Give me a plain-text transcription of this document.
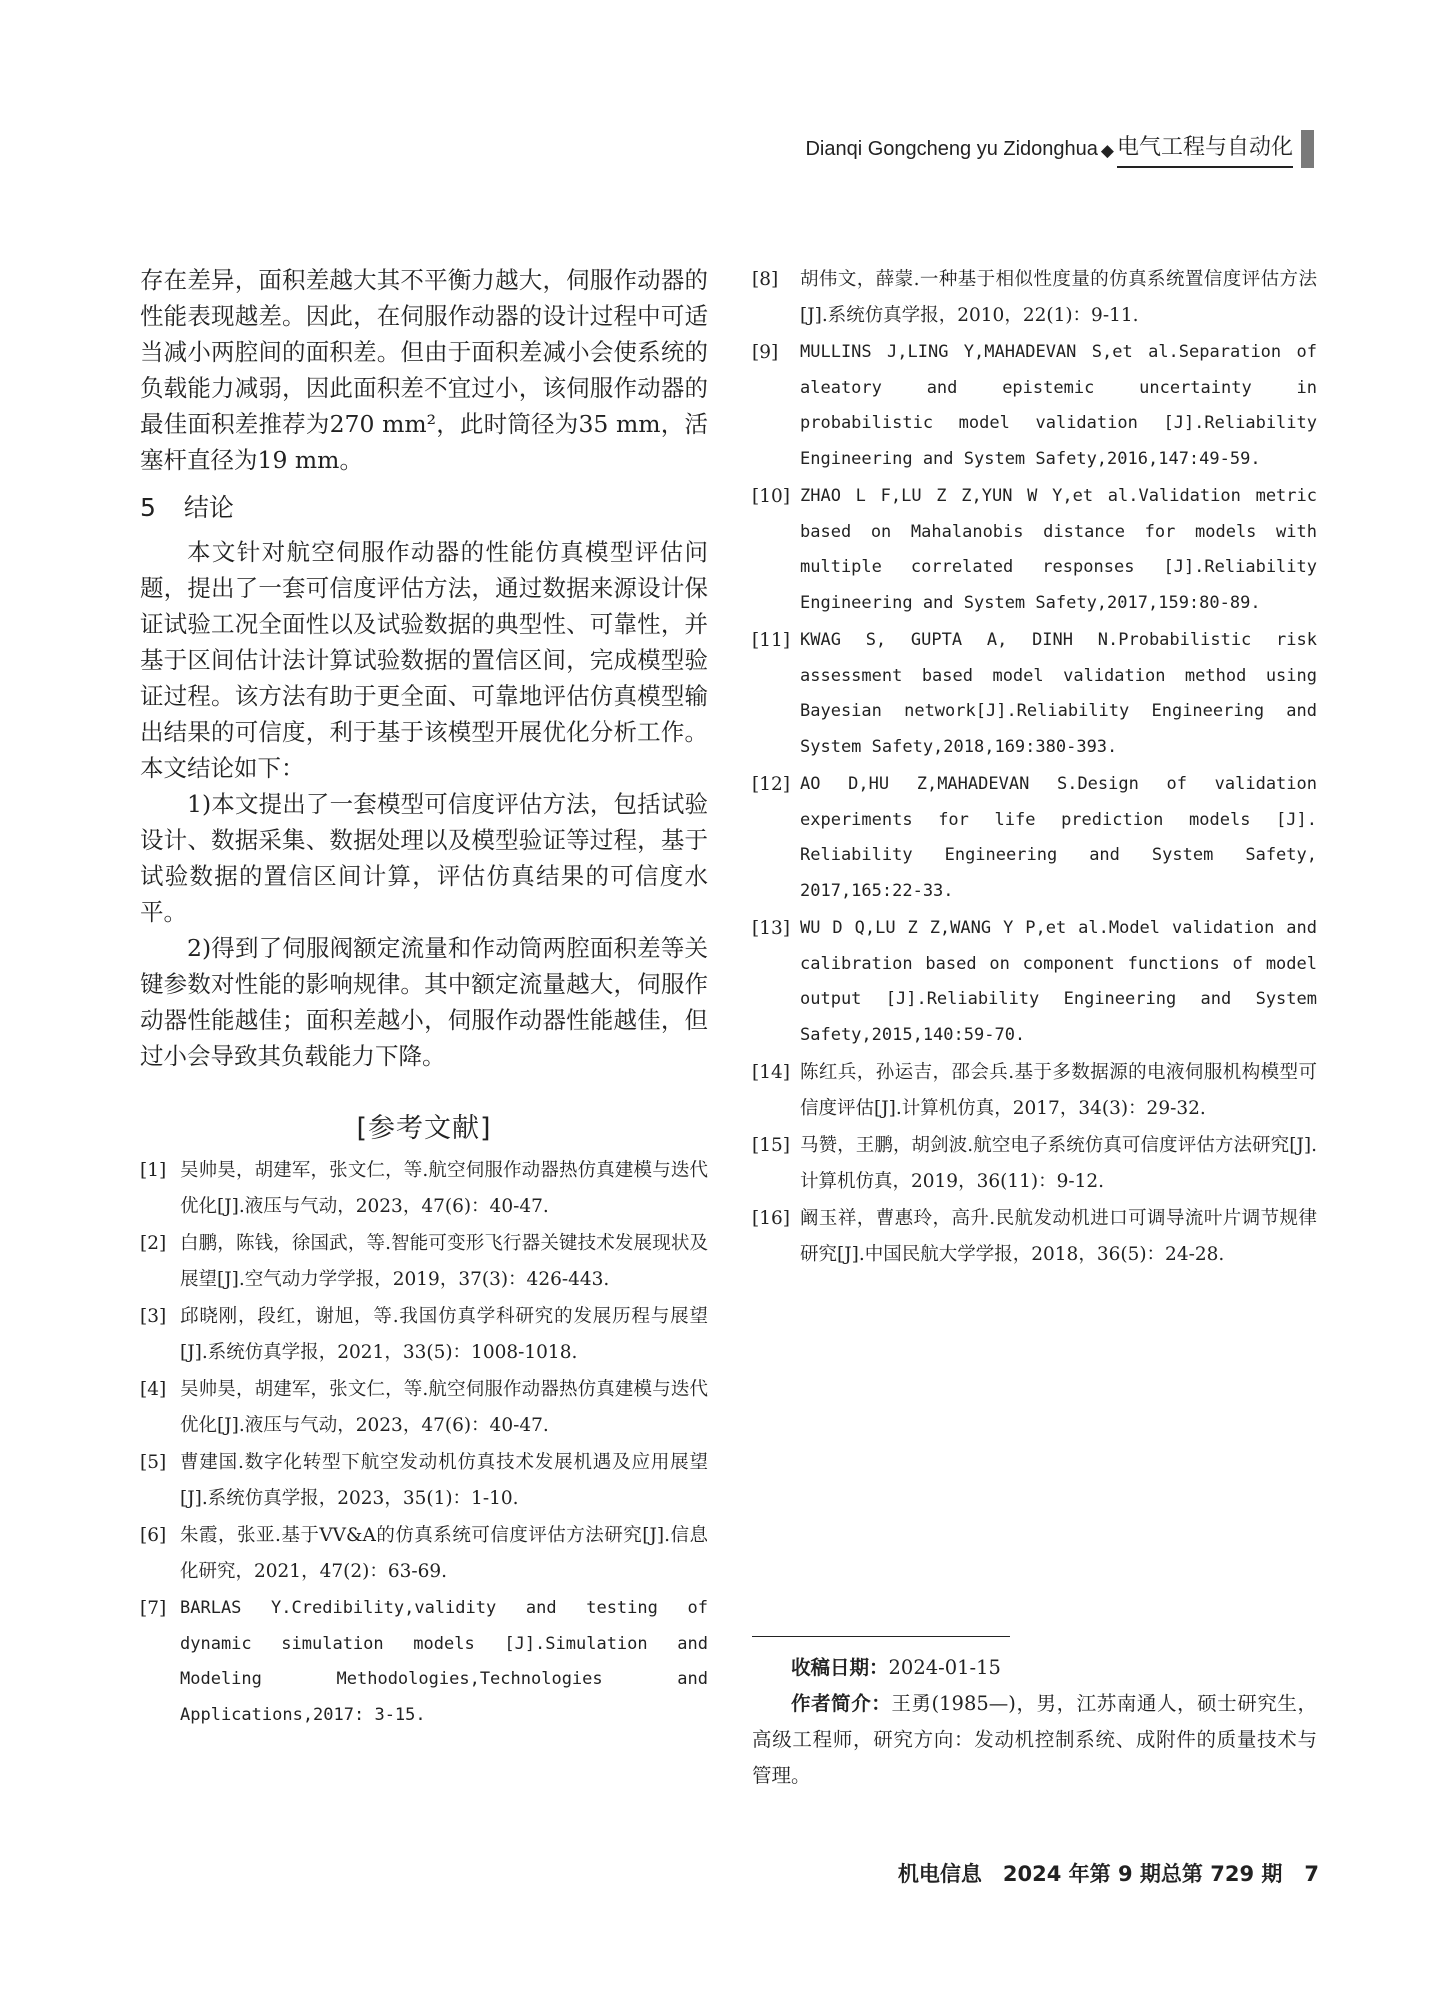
Dianqi Gongcheng yu Zidonghua ◆ 电气工程与自动化

存在差异，面积差越大其不平衡力越大，伺服作动器的性能表现越差。因此，在伺服作动器的设计过程中可适当减小两腔间的面积差。但由于面积差减小会使系统的负载能力减弱，因此面积差不宜过小，该伺服作动器的最佳面积差推荐为270 mm²，此时筒径为35 mm，活塞杆直径为19 mm。

5 结论

本文针对航空伺服作动器的性能仿真模型评估问题，提出了一套可信度评估方法，通过数据来源设计保证试验工况全面性以及试验数据的典型性、可靠性，并基于区间估计法计算试验数据的置信区间，完成模型验证过程。该方法有助于更全面、可靠地评估仿真模型输出结果的可信度，利于基于该模型开展优化分析工作。本文结论如下：

1)本文提出了一套模型可信度评估方法，包括试验设计、数据采集、数据处理以及模型验证等过程，基于试验数据的置信区间计算，评估仿真结果的可信度水平。

2)得到了伺服阀额定流量和作动筒两腔面积差等关键参数对性能的影响规律。其中额定流量越大，伺服作动器性能越佳；面积差越小，伺服作动器性能越佳，但过小会导致其负载能力下降。

[参考文献]
[1] 吴帅昊，胡建军，张文仁，等.航空伺服作动器热仿真建模与迭代优化[J].液压与气动，2023，47(6)：40-47.
[2] 白鹏，陈钱，徐国武，等.智能可变形飞行器关键技术发展现状及展望[J].空气动力学学报，2019，37(3)：426-443.
[3] 邱晓刚，段红，谢旭，等.我国仿真学科研究的发展历程与展望[J].系统仿真学报，2021，33(5)：1008-1018.
[4] 吴帅昊，胡建军，张文仁，等.航空伺服作动器热仿真建模与迭代优化[J].液压与气动，2023，47(6)：40-47.
[5] 曹建国.数字化转型下航空发动机仿真技术发展机遇及应用展望[J].系统仿真学报，2023，35(1)：1-10.
[6] 朱霞，张亚.基于VV&A的仿真系统可信度评估方法研究[J].信息化研究，2021，47(2)：63-69.
[7] BARLAS Y.Credibility,validity and testing of dynamic simulation models [J].Simulation and Modeling Methodologies,Technologies and Applications,2017: 3-15.
[8]	胡伟文，薛蒙.一种基于相似性度量的仿真系统置信度评估方法[J].系统仿真学报，2010，22(1)：9-11.
[9]	MULLINS J,LING Y,MAHADEVAN S,et al.Separation of aleatory and epistemic uncertainty in probabilistic model validation [J].Reliability Engineering and System Safety,2016,147:49-59.
[10] ZHAO L F,LU Z Z,YUN W Y,et al.Validation metric based on Mahalanobis distance for models with multiple correlated responses [J].Reliability Engineering and System Safety,2017,159:80-89.
[11] KWAG S, GUPTA A, DINH N.Probabilistic risk assessment based model validation method using Bayesian network[J].Reliability Engineering and System Safety,2018,169:380-393.
[12] AO D,HU Z,MAHADEVAN S.Design of validation experiments for life prediction models [J]. Reliability Engineering and System Safety, 2017,165:22-33.
[13] WU D Q,LU Z Z,WANG Y P,et al.Model validation and calibration based on component functions of model output [J].Reliability Engineering and System Safety,2015,140:59-70.
[14] 陈红兵，孙运吉，邵会兵.基于多数据源的电液伺服机构模型可信度评估[J].计算机仿真，2017，34(3)：29-32.
[15] 马赞，王鹏，胡剑波.航空电子系统仿真可信度评估方法研究[J].计算机仿真，2019，36(11)：9-12.
[16] 阚玉祥，曹惠玲，高升.民航发动机进口可调导流叶片调节规律研究[J].中国民航大学学报，2018，36(5)：24-28.

收稿日期：2024-01-15

作者简介：王勇(1985—)，男，江苏南通人，硕士研究生，高级工程师，研究方向：发动机控制系统、成附件的质量技术与管理。

机电信息　2024 年第 9 期总第 729 期 7
